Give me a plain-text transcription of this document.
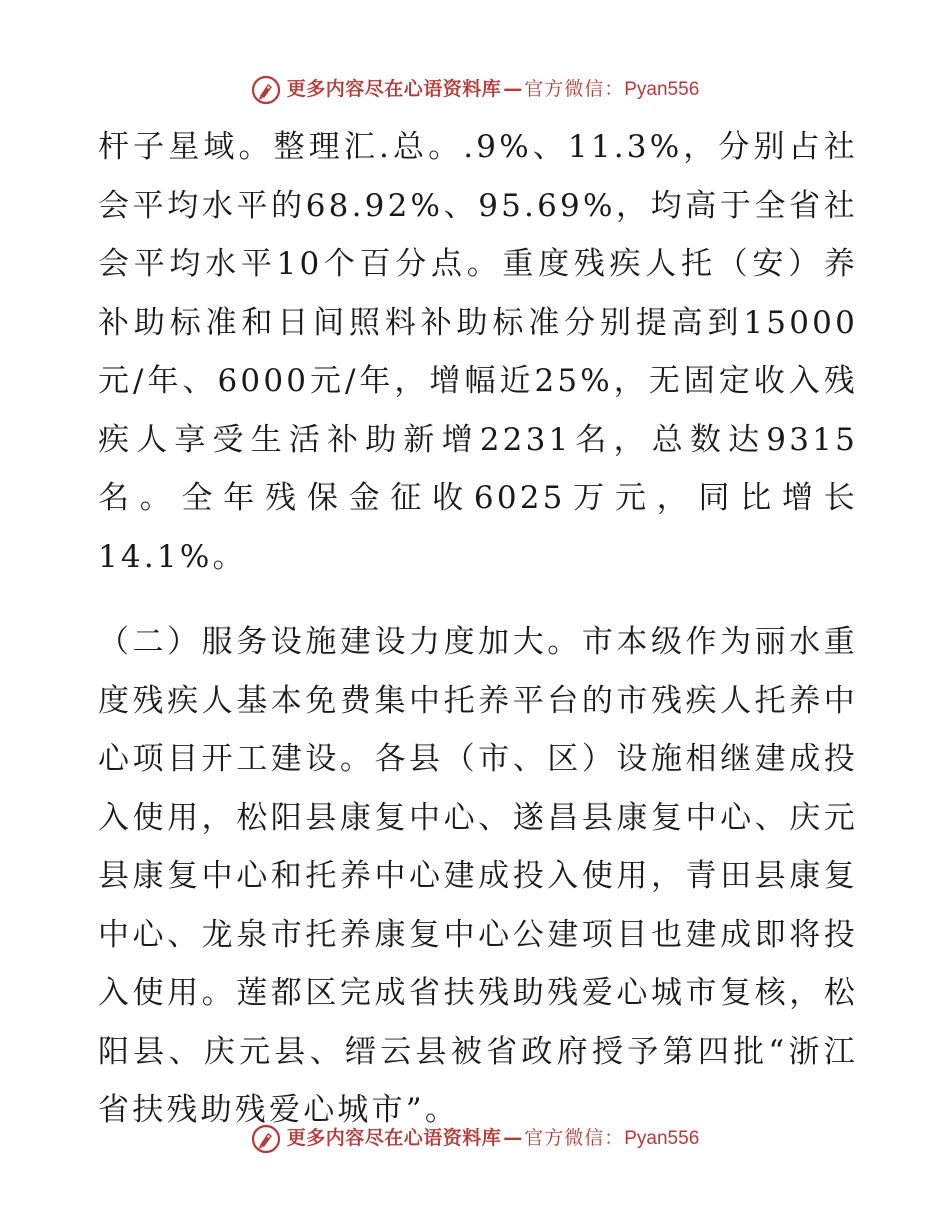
更多内容尽在心语资料库 — 官方微信： Pyan556

杆子星域。整理汇.总。.9%、11.3%，分别占社会平均水平的68.92%、95.69%，均高于全省社会平均水平10个百分点。重度残疾人托（安）养补助标准和日间照料补助标准分别提高到15000元/年、6000元/年，增幅近25%，无固定收入残疾人享受生活补助新增2231名，总数达9315名。全年残保金征收6025万元，同比增长14.1%。

（二）服务设施建设力度加大。市本级作为丽水重度残疾人基本免费集中托养平台的市残疾人托养中心项目开工建设。各县（市、区）设施相继建成投入使用，松阳县康复中心、遂昌县康复中心、庆元县康复中心和托养中心建成投入使用，青田县康复中心、龙泉市托养康复中心公建项目也建成即将投入使用。莲都区完成省扶残助残爱心城市复核，松阳县、庆元县、缙云县被省政府授予第四批“浙江省扶残助残爱心城市”。

更多内容尽在心语资料库 — 官方微信： Pyan556
